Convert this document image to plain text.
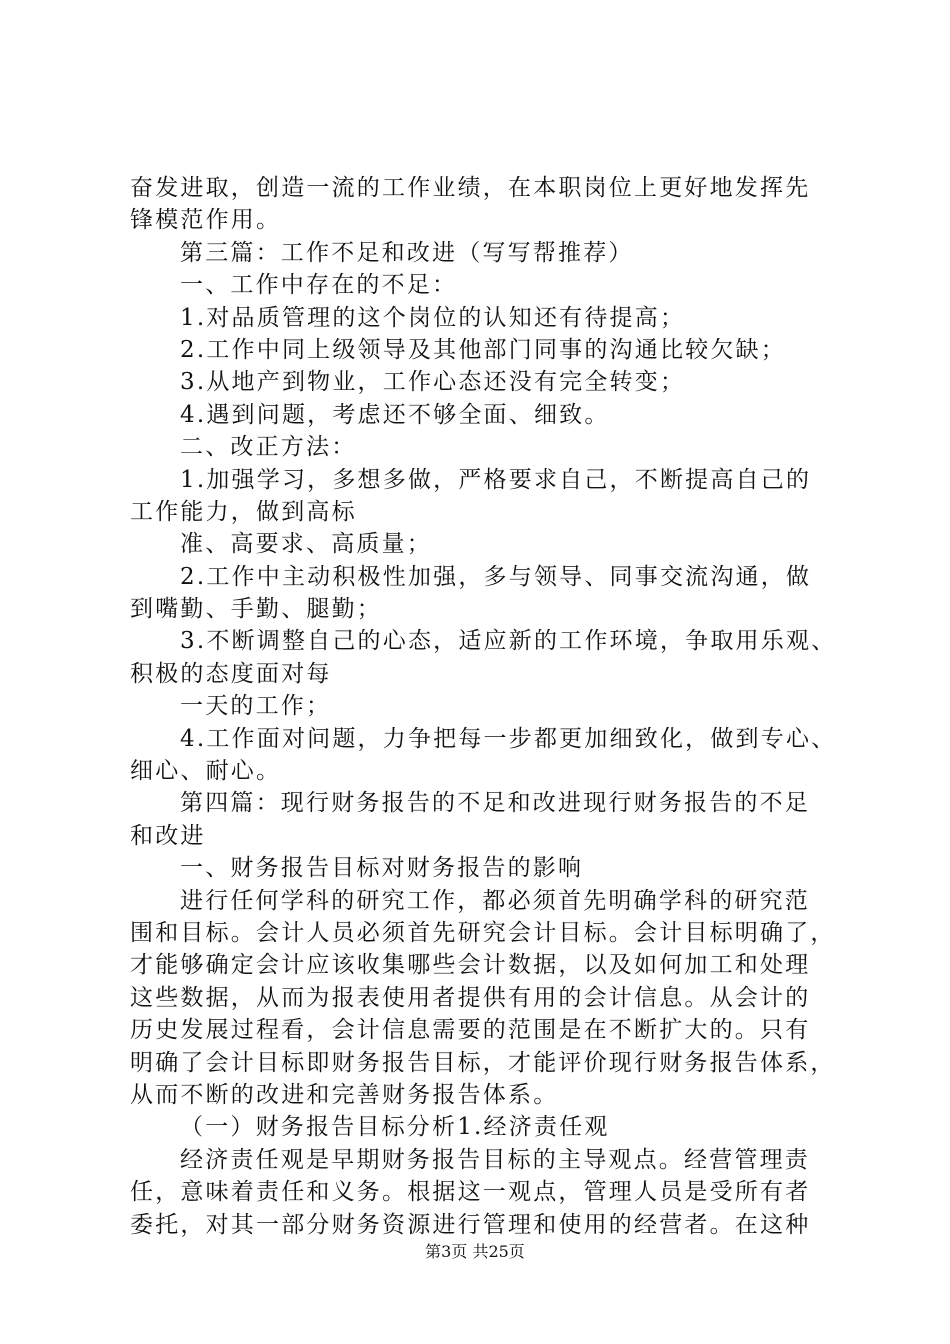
奋发进取，创造一流的工作业绩，在本职岗位上更好地发挥先
锋模范作用。
第三篇：工作不足和改进（写写帮推荐）
一、工作中存在的不足：
1.对品质管理的这个岗位的认知还有待提高；
2.工作中同上级领导及其他部门同事的沟通比较欠缺；
3.从地产到物业，工作心态还没有完全转变；
4.遇到问题，考虑还不够全面、细致。
二、改正方法：
1.加强学习，多想多做，严格要求自己，不断提高自己的
工作能力，做到高标
准、高要求、高质量；
2.工作中主动积极性加强，多与领导、同事交流沟通，做
到嘴勤、手勤、腿勤；
3.不断调整自己的心态，适应新的工作环境，争取用乐观、
积极的态度面对每
一天的工作；
4.工作面对问题，力争把每一步都更加细致化，做到专心、
细心、耐心。
第四篇：现行财务报告的不足和改进现行财务报告的不足
和改进
一、财务报告目标对财务报告的影响
进行任何学科的研究工作，都必须首先明确学科的研究范
围和目标。会计人员必须首先研究会计目标。会计目标明确了，
才能够确定会计应该收集哪些会计数据，以及如何加工和处理
这些数据，从而为报表使用者提供有用的会计信息。从会计的
历史发展过程看，会计信息需要的范围是在不断扩大的。只有
明确了会计目标即财务报告目标，才能评价现行财务报告体系，
从而不断的改进和完善财务报告体系。
（一）财务报告目标分析1.经济责任观
经济责任观是早期财务报告目标的主导观点。经营管理责
任，意味着责任和义务。根据这一观点，管理人员是受所有者
委托，对其一部分财务资源进行管理和使用的经营者。在这种
第3页 共25页
